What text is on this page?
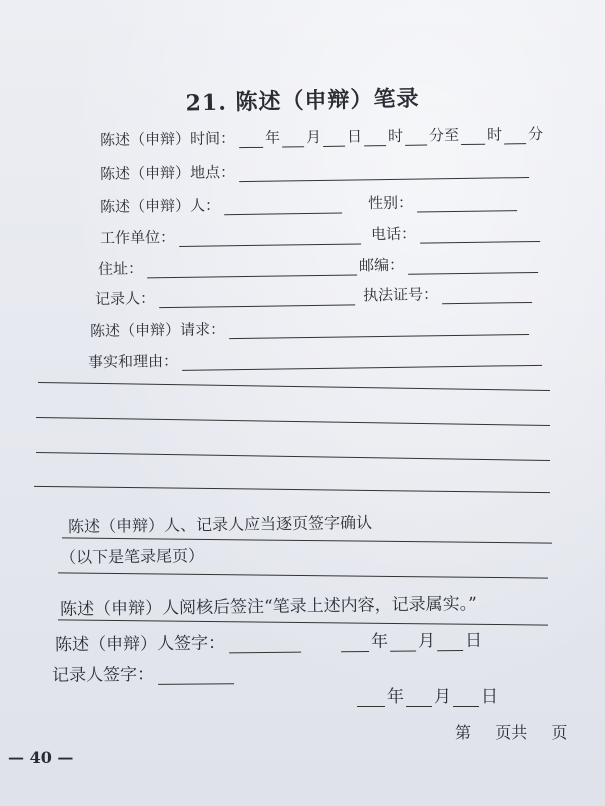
21. 陈述（申辩）笔录
陈述（申辩）时间： 年 月 日 时 分至 时 分
陈述（申辩）地点：
陈述（申辩）人：	性别：
工作单位：	电话：
住址：	邮编：
记录人：	执法证号：
陈述（申辩）请求：
事实和理由：
陈述（申辩）人、记录人应当逐页签字确认
（以下是笔录尾页）
陈述（申辩）人阅核后签注“笔录上述内容，记录属实。”
陈述（申辩）人签字：	年 月 日
记录人签字：
年 月 日
第 页共 页
— 40 —
